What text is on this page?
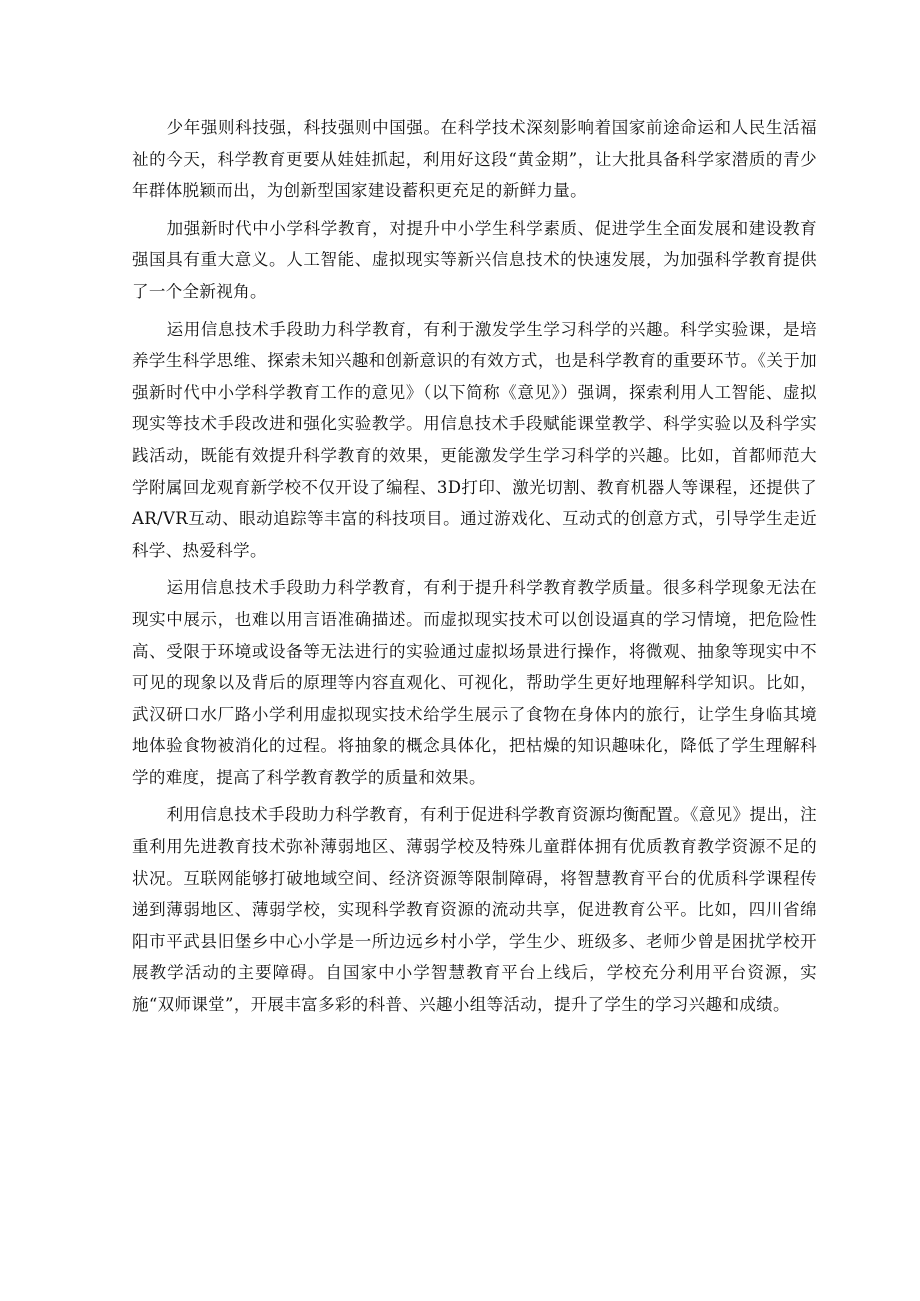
少年强则科技强，科技强则中国强。在科学技术深刻影响着国家前途命运和人民生活福祉的今天，科学教育更要从娃娃抓起，利用好这段“黄金期”，让大批具备科学家潜质的青少年群体脱颖而出，为创新型国家建设蓄积更充足的新鲜力量。

加强新时代中小学科学教育，对提升中小学生科学素质、促进学生全面发展和建设教育强国具有重大意义。人工智能、虚拟现实等新兴信息技术的快速发展，为加强科学教育提供了一个全新视角。

运用信息技术手段助力科学教育，有利于激发学生学习科学的兴趣。科学实验课，是培养学生科学思维、探索未知兴趣和创新意识的有效方式，也是科学教育的重要环节。《关于加强新时代中小学科学教育工作的意见》（以下简称《意见》）强调，探索利用人工智能、虚拟现实等技术手段改进和强化实验教学。用信息技术手段赋能课堂教学、科学实验以及科学实践活动，既能有效提升科学教育的效果，更能激发学生学习科学的兴趣。比如，首都师范大学附属回龙观育新学校不仅开设了编程、3D打印、激光切割、教育机器人等课程，还提供了AR/VR互动、眼动追踪等丰富的科技项目。通过游戏化、互动式的创意方式，引导学生走近科学、热爱科学。

运用信息技术手段助力科学教育，有利于提升科学教育教学质量。很多科学现象无法在现实中展示，也难以用言语准确描述。而虚拟现实技术可以创设逼真的学习情境，把危险性高、受限于环境或设备等无法进行的实验通过虚拟场景进行操作，将微观、抽象等现实中不可见的现象以及背后的原理等内容直观化、可视化，帮助学生更好地理解科学知识。比如，武汉研口水厂路小学利用虚拟现实技术给学生展示了食物在身体内的旅行，让学生身临其境地体验食物被消化的过程。将抽象的概念具体化，把枯燥的知识趣味化，降低了学生理解科学的难度，提高了科学教育教学的质量和效果。

利用信息技术手段助力科学教育，有利于促进科学教育资源均衡配置。《意见》提出，注重利用先进教育技术弥补薄弱地区、薄弱学校及特殊儿童群体拥有优质教育教学资源不足的状况。互联网能够打破地域空间、经济资源等限制障碍，将智慧教育平台的优质科学课程传递到薄弱地区、薄弱学校，实现科学教育资源的流动共享，促进教育公平。比如，四川省绵阳市平武县旧堡乡中心小学是一所边远乡村小学，学生少、班级多、老师少曾是困扰学校开展教学活动的主要障碍。自国家中小学智慧教育平台上线后，学校充分利用平台资源，实施“双师课堂”，开展丰富多彩的科普、兴趣小组等活动，提升了学生的学习兴趣和成绩。
